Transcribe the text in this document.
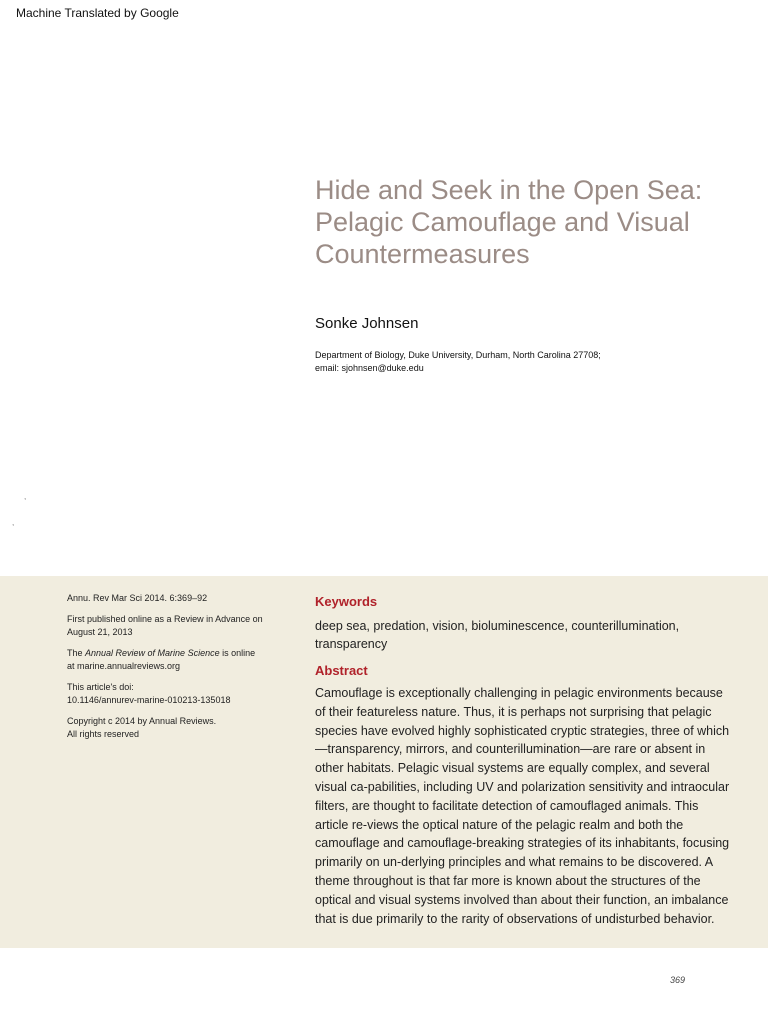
Machine Translated by Google
Hide and Seek in the Open Sea:
Pelagic Camouflage and Visual
Countermeasures
Sonke Johnsen
Department of Biology, Duke University, Durham, North Carolina 27708;
email: sjohnsen@duke.edu
,
,

Annu. Rev Mar Sci 2014. 6:369–92

First published online as a Review in Advance on
August 21, 2013

The Annual Review of Marine Science is online
at marine.annualreviews.org

This article's doi:
10.1146/annurev-marine-010213-135018

Copyright c 2014 by Annual Reviews.
All rights reserved

Keywords
deep sea, predation, vision, bioluminescence, counterillumination,
transparency
Abstract
Camouflage is exceptionally challenging in pelagic environments because
of their featureless nature. Thus, it is perhaps not surprising that pelagic
species have evolved highly sophisticated cryptic strategies, three of which
—transparency, mirrors, and counterillumination—are rare or absent in
other habitats. Pelagic visual systems are equally complex, and several
visual ca-pabilities, including UV and polarization sensitivity and intraocular
filters, are thought to facilitate detection of camouflaged animals. This
article re-views the optical nature of the pelagic realm and both the
camouflage and camouflage-breaking strategies of its inhabitants, focusing
primarily on un-derlying principles and what remains to be discovered. A
theme throughout is that far more is known about the structures of the
optical and visual systems involved than about their function, an imbalance
that is due primarily to the rarity of observations of undisturbed behavior.
369
